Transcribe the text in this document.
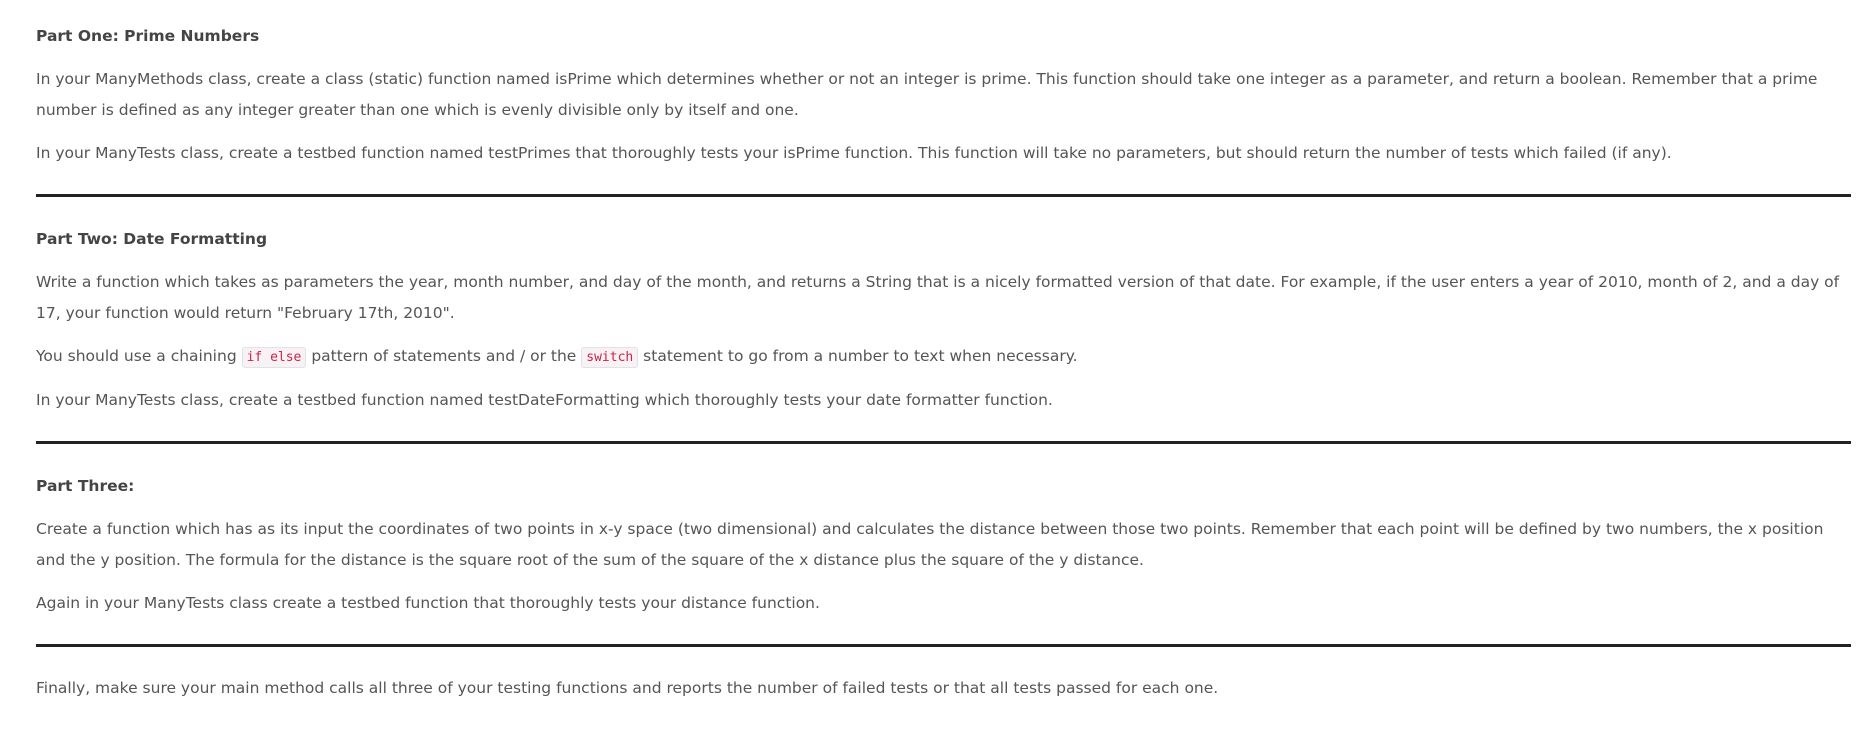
Part One: Prime Numbers

In your ManyMethods class, create a class (static) function named isPrime which determines whether or not an integer is prime. This function should take one integer as a parameter, and return a boolean. Remember that a prime number is defined as any integer greater than one which is evenly divisible only by itself and one.

In your ManyTests class, create a testbed function named testPrimes that thoroughly tests your isPrime function. This function will take no parameters, but should return the number of tests which failed (if any).

Part Two: Date Formatting

Write a function which takes as parameters the year, month number, and day of the month, and returns a String that is a nicely formatted version of that date. For example, if the user enters a year of 2010, month of 2, and a day of 17, your function would return "February 17th, 2010".

You should use a chaining if else pattern of statements and / or the switch statement to go from a number to text when necessary.

In your ManyTests class, create a testbed function named testDateFormatting which thoroughly tests your date formatter function.

Part Three:

Create a function which has as its input the coordinates of two points in x-y space (two dimensional) and calculates the distance between those two points. Remember that each point will be defined by two numbers, the x position and the y position. The formula for the distance is the square root of the sum of the square of the x distance plus the square of the y distance.

Again in your ManyTests class create a testbed function that thoroughly tests your distance function.

Finally, make sure your main method calls all three of your testing functions and reports the number of failed tests or that all tests passed for each one.
